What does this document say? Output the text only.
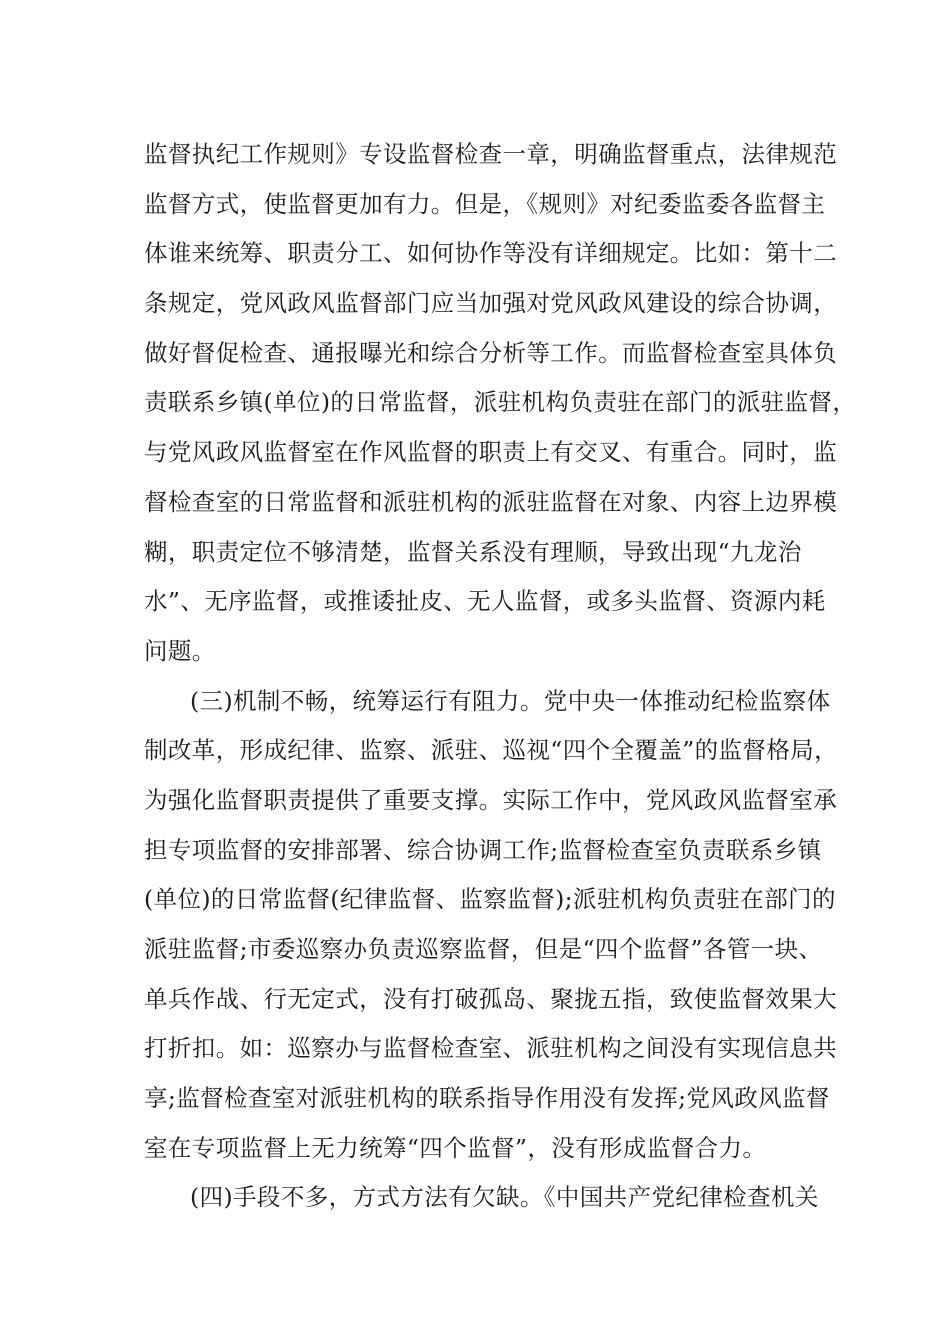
监督执纪工作规则》专设监督检查一章，明确监督重点，法律规范
监督方式，使监督更加有力。但是，《规则》对纪委监委各监督主
体谁来统筹、职责分工、如何协作等没有详细规定。比如：第十二
条规定，党风政风监督部门应当加强对党风政风建设的综合协调，
做好督促检查、通报曝光和综合分析等工作。而监督检查室具体负
责联系乡镇(单位)的日常监督，派驻机构负责驻在部门的派驻监督，
与党风政风监督室在作风监督的职责上有交叉、有重合。同时，监
督检查室的日常监督和派驻机构的派驻监督在对象、内容上边界模
糊，职责定位不够清楚，监督关系没有理顺，导致出现“九龙治
水”、无序监督，或推诿扯皮、无人监督，或多头监督、资源内耗
问题。
(三)机制不畅，统筹运行有阻力。党中央一体推动纪检监察体
制改革，形成纪律、监察、派驻、巡视“四个全覆盖”的监督格局，
为强化监督职责提供了重要支撑。实际工作中，党风政风监督室承
担专项监督的安排部署、综合协调工作;监督检查室负责联系乡镇
(单位)的日常监督(纪律监督、监察监督);派驻机构负责驻在部门的
派驻监督;市委巡察办负责巡察监督，但是“四个监督”各管一块、
单兵作战、行无定式，没有打破孤岛、聚拢五指，致使监督效果大
打折扣。如：巡察办与监督检查室、派驻机构之间没有实现信息共
享;监督检查室对派驻机构的联系指导作用没有发挥;党风政风监督
室在专项监督上无力统筹“四个监督”，没有形成监督合力。
(四)手段不多，方式方法有欠缺。《中国共产党纪律检查机关
